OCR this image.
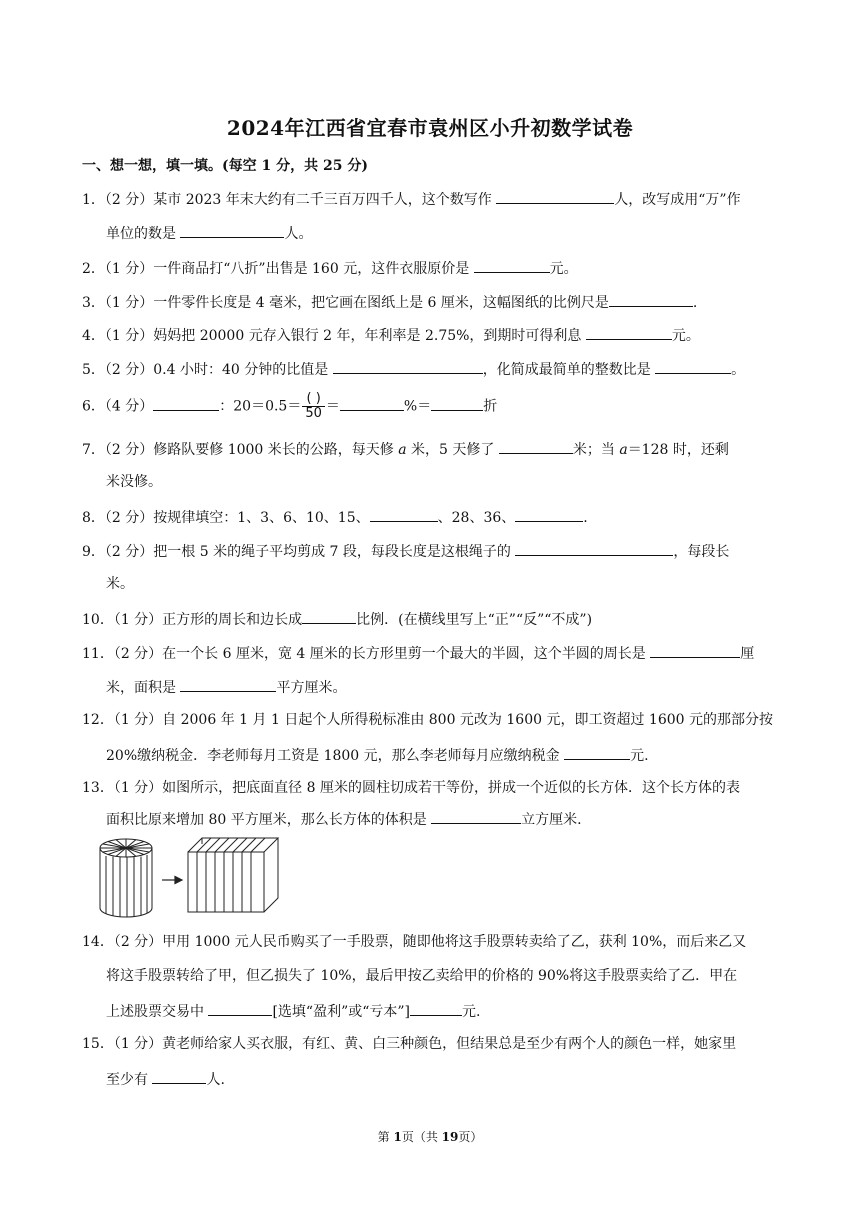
2024年江西省宜春市袁州区小升初数学试卷
一、想一想，填一填。(每空 1 分，共 25 分)
1．（2 分）某市 2023 年末大约有二千三百万四千人，这个数写作	人，改写成用“万”作
单位的数是	人。
2．（1 分）一件商品打“八折”出售是 160 元，这件衣服原价是	元。
3．（1 分）一件零件长度是 4 毫米，把它画在图纸上是 6 厘米，这幅图纸的比例尺是	.
4．（1 分）妈妈把 20000 元存入银行 2 年，年利率是 2.75%，到期时可得利息	元。
5．（2 分）0.4 小时：40 分钟的比值是	，化简成最简单的整数比是	。
6．（4 分）	：$20=0.5= \frac{( )}{50}$ ＝	%＝	折
7．（2 分）修路队要修 1000 米长的公路，每天修 a 米，5 天修了	米；当 a＝128 时，还剩
米没修。
8．（2 分）按规律填空：1、3、6、10、15、	、28、36、	.
9．（2 分）把一根 5 米的绳子平均剪成 7 段，每段长度是这根绳子的	，每段长
米。
10．（1 分）正方形的周长和边长成	比例．(在横线里写上“正”“反”“不成”)
11．（2 分）在一个长 6 厘米，宽 4 厘米的长方形里剪一个最大的半圆，这个半圆的周长是	厘
米，面积是	平方厘米。
12．（1 分）自 2006 年 1 月 1 日起个人所得税标准由 800 元改为 1600 元，即工资超过 1600 元的那部分按
20%缴纳税金．李老师每月工资是 1800 元，那么李老师每月应缴纳税金	元.
13．（1 分）如图所示，把底面直径 8 厘米的圆柱切成若干等份，拼成一个近似的长方体．这个长方体的表
面积比原来增加 80 平方厘米，那么长方体的体积是	立方厘米.
14．（2 分）甲用 1000 元人民币购买了一手股票，随即他将这手股票转卖给了乙，获利 10%，而后来乙又
将这手股票转给了甲，但乙损失了 10%，最后甲按乙卖给甲的价格的 90%将这手股票卖给了乙．甲在
上述股票交易中	[选填“盈利”或“亏本”]	元.
15．（1 分）黄老师给家人买衣服，有红、黄、白三种颜色，但结果总是至少有两个人的颜色一样，她家里
至少有	人.
第 1页（共 19页）
